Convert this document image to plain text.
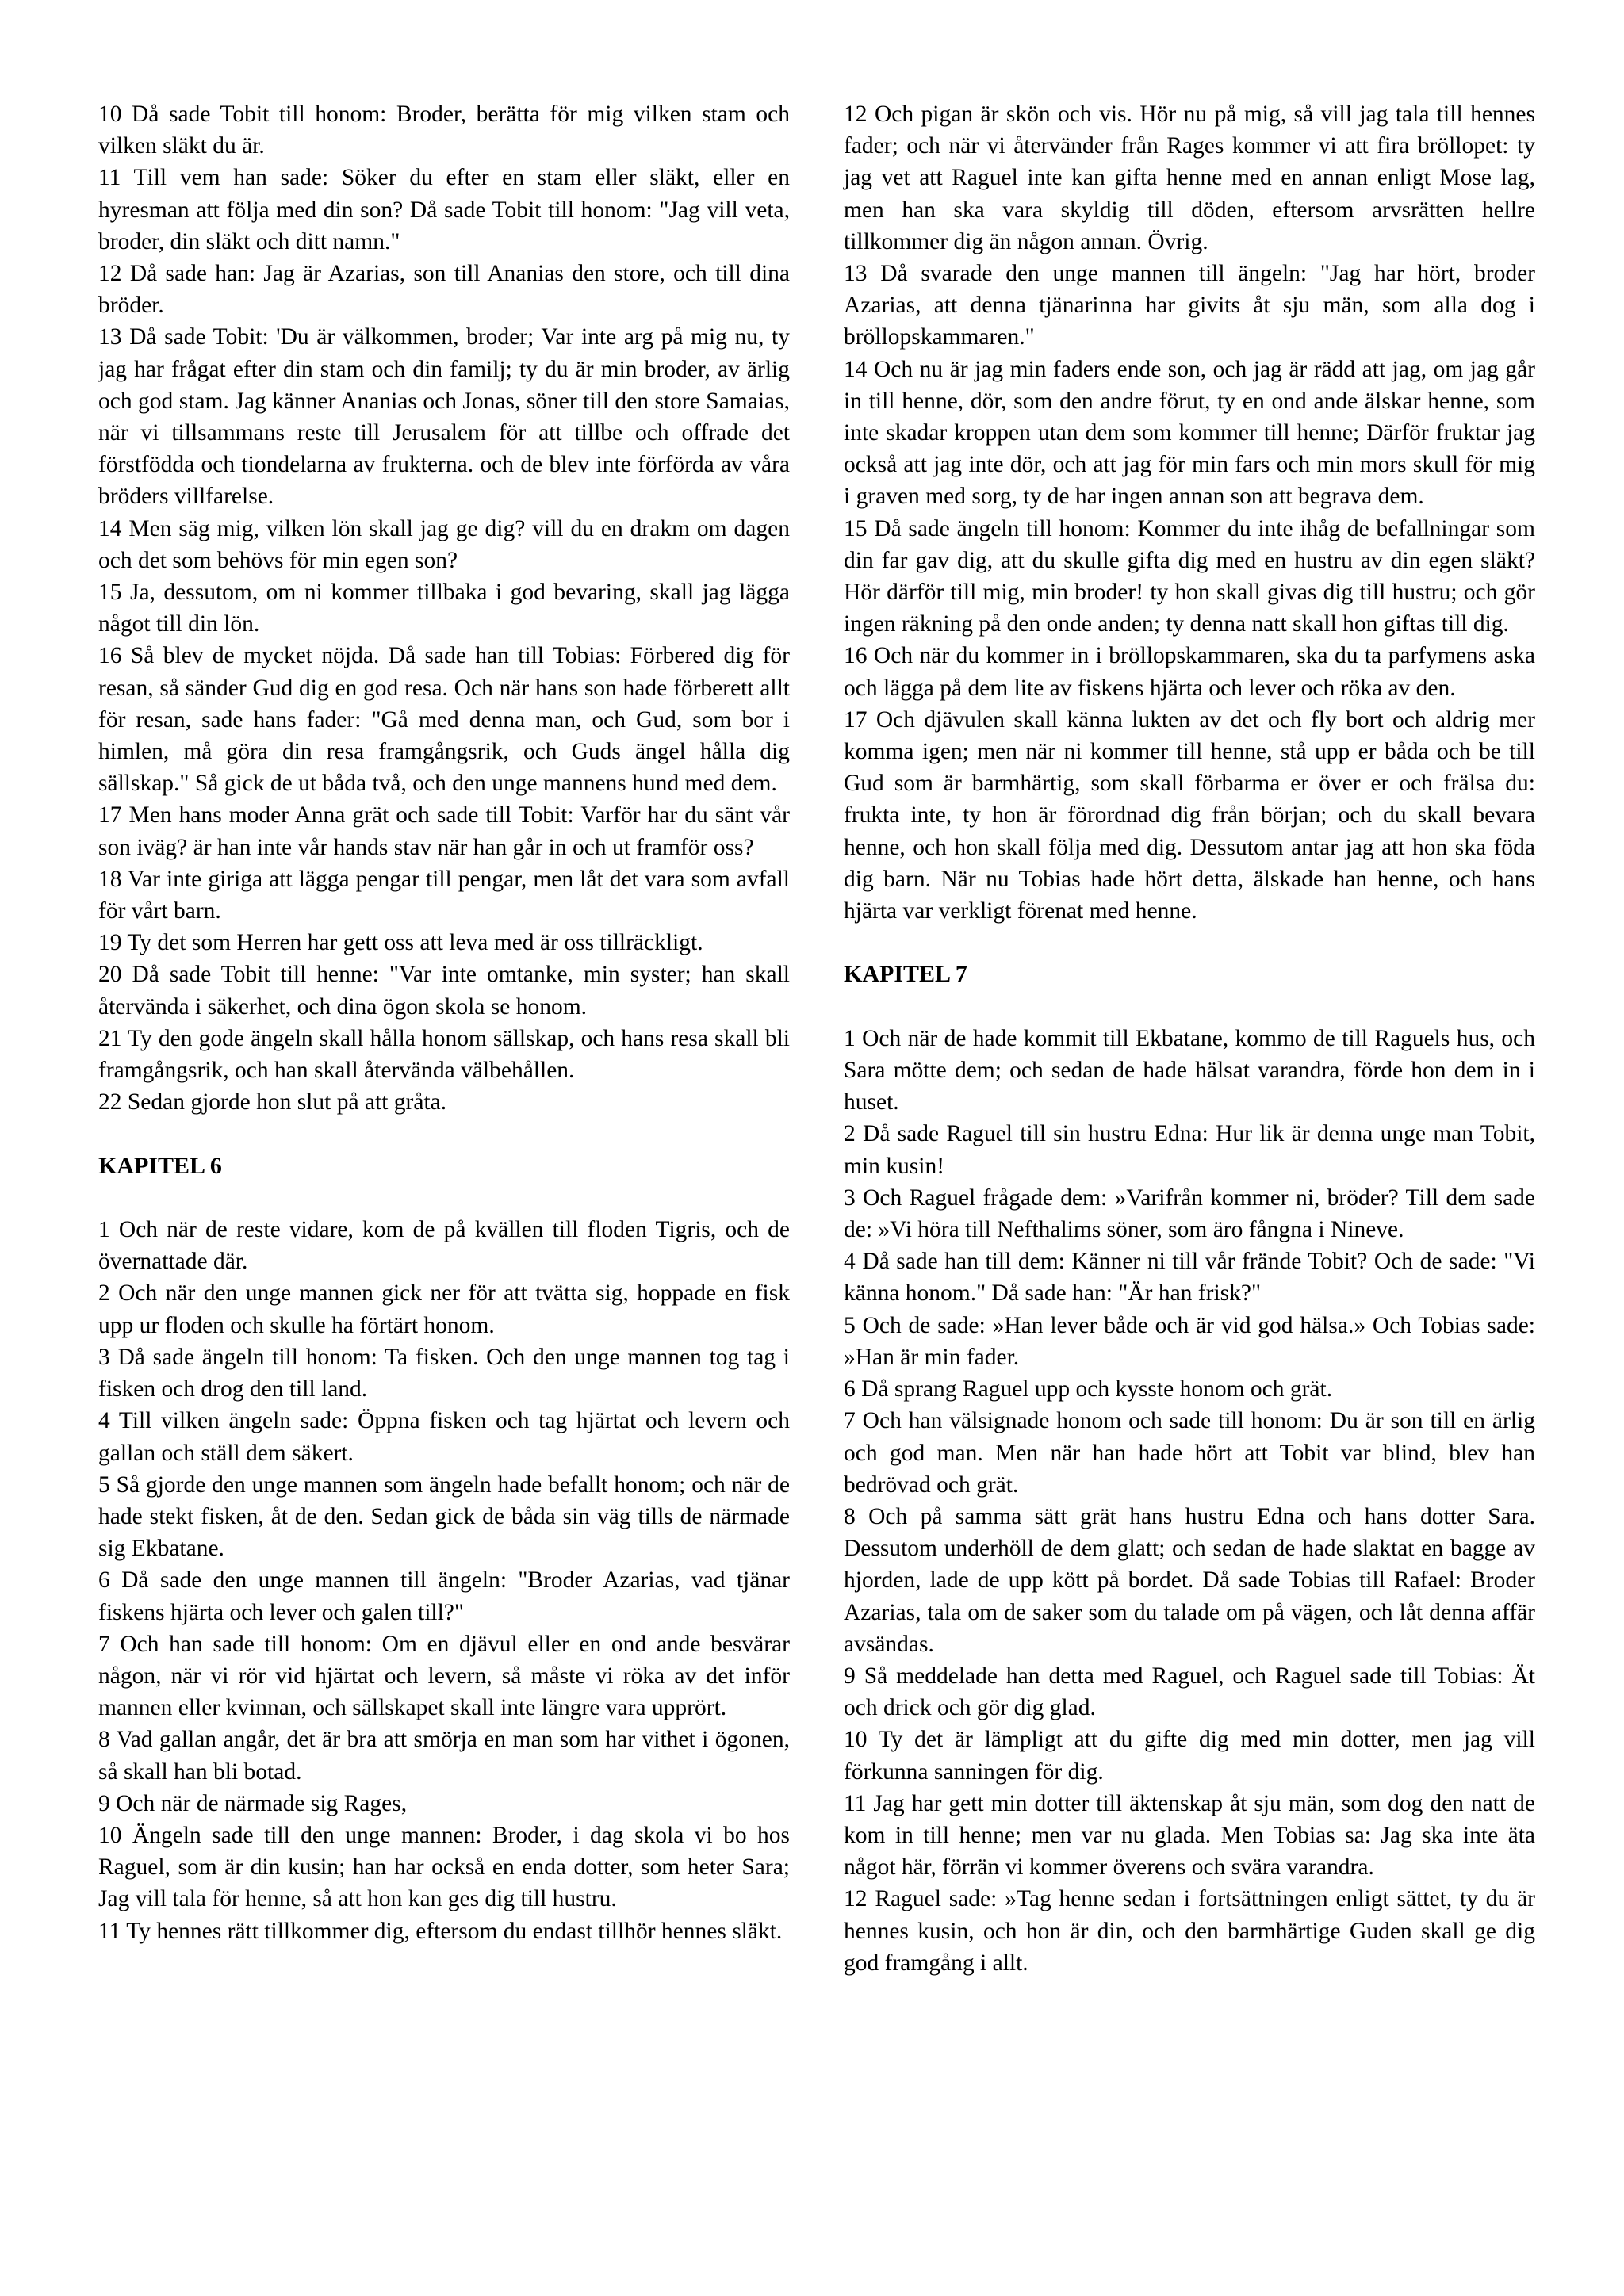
10 Då sade Tobit till honom: Broder, berätta för mig vilken stam och vilken släkt du är.

11 Till vem han sade: Söker du efter en stam eller släkt, eller en hyresman att följa med din son? Då sade Tobit till honom: "Jag vill veta, broder, din släkt och ditt namn."

12 Då sade han: Jag är Azarias, son till Ananias den store, och till dina bröder.

13 Då sade Tobit: 'Du är välkommen, broder; Var inte arg på mig nu, ty jag har frågat efter din stam och din familj; ty du är min broder, av ärlig och god stam. Jag känner Ananias och Jonas, söner till den store Samaias, när vi tillsammans reste till Jerusalem för att tillbe och offrade det förstfödda och tiondelarna av frukterna. och de blev inte förförda av våra bröders villfarelse.

14 Men säg mig, vilken lön skall jag ge dig? vill du en drakm om dagen och det som behövs för min egen son?

15 Ja, dessutom, om ni kommer tillbaka i god bevaring, skall jag lägga något till din lön.

16 Så blev de mycket nöjda. Då sade han till Tobias: Förbered dig för resan, så sänder Gud dig en god resa. Och när hans son hade förberett allt för resan, sade hans fader: "Gå med denna man, och Gud, som bor i himlen, må göra din resa framgångsrik, och Guds ängel hålla dig sällskap." Så gick de ut båda två, och den unge mannens hund med dem.

17 Men hans moder Anna grät och sade till Tobit: Varför har du sänt vår son iväg? är han inte vår hands stav när han går in och ut framför oss?

18 Var inte giriga att lägga pengar till pengar, men låt det vara som avfall för vårt barn.

19 Ty det som Herren har gett oss att leva med är oss tillräckligt.

20 Då sade Tobit till henne: "Var inte omtanke, min syster; han skall återvända i säkerhet, och dina ögon skola se honom.

21 Ty den gode ängeln skall hålla honom sällskap, och hans resa skall bli framgångsrik, och han skall återvända välbehållen.

22 Sedan gjorde hon slut på att gråta.

KAPITEL 6

1 Och när de reste vidare, kom de på kvällen till floden Tigris, och de övernattade där.

2 Och när den unge mannen gick ner för att tvätta sig, hoppade en fisk upp ur floden och skulle ha förtärt honom.

3 Då sade ängeln till honom: Ta fisken. Och den unge mannen tog tag i fisken och drog den till land.

4 Till vilken ängeln sade: Öppna fisken och tag hjärtat och levern och gallan och ställ dem säkert.

5 Så gjorde den unge mannen som ängeln hade befallt honom; och när de hade stekt fisken, åt de den. Sedan gick de båda sin väg tills de närmade sig Ekbatane.

6 Då sade den unge mannen till ängeln: "Broder Azarias, vad tjänar fiskens hjärta och lever och galen till?"

7 Och han sade till honom: Om en djävul eller en ond ande besvärar någon, när vi rör vid hjärtat och levern, så måste vi röka av det inför mannen eller kvinnan, och sällskapet skall inte längre vara upprört.

8 Vad gallan angår, det är bra att smörja en man som har vithet i ögonen, så skall han bli botad.

9 Och när de närmade sig Rages,

10 Ängeln sade till den unge mannen: Broder, i dag skola vi bo hos Raguel, som är din kusin; han har också en enda dotter, som heter Sara; Jag vill tala för henne, så att hon kan ges dig till hustru.

11 Ty hennes rätt tillkommer dig, eftersom du endast tillhör hennes släkt.

12 Och pigan är skön och vis. Hör nu på mig, så vill jag tala till hennes fader; och när vi återvänder från Rages kommer vi att fira bröllopet: ty jag vet att Raguel inte kan gifta henne med en annan enligt Mose lag, men han ska vara skyldig till döden, eftersom arvsrätten hellre tillkommer dig än någon annan. Övrig.

13 Då svarade den unge mannen till ängeln: "Jag har hört, broder Azarias, att denna tjänarinna har givits åt sju män, som alla dog i bröllopskammaren."

14 Och nu är jag min faders ende son, och jag är rädd att jag, om jag går in till henne, dör, som den andre förut, ty en ond ande älskar henne, som inte skadar kroppen utan dem som kommer till henne; Därför fruktar jag också att jag inte dör, och att jag för min fars och min mors skull för mig i graven med sorg, ty de har ingen annan son att begrava dem.

15 Då sade ängeln till honom: Kommer du inte ihåg de befallningar som din far gav dig, att du skulle gifta dig med en hustru av din egen släkt? Hör därför till mig, min broder! ty hon skall givas dig till hustru; och gör ingen räkning på den onde anden; ty denna natt skall hon giftas till dig.

16 Och när du kommer in i bröllopskammaren, ska du ta parfymens aska och lägga på dem lite av fiskens hjärta och lever och röka av den.

17 Och djävulen skall känna lukten av det och fly bort och aldrig mer komma igen; men när ni kommer till henne, stå upp er båda och be till Gud som är barmhärtig, som skall förbarma er över er och frälsa du: frukta inte, ty hon är förordnad dig från början; och du skall bevara henne, och hon skall följa med dig. Dessutom antar jag att hon ska föda dig barn. När nu Tobias hade hört detta, älskade han henne, och hans hjärta var verkligt förenat med henne.

KAPITEL 7

1 Och när de hade kommit till Ekbatane, kommo de till Raguels hus, och Sara mötte dem; och sedan de hade hälsat varandra, förde hon dem in i huset.

2 Då sade Raguel till sin hustru Edna: Hur lik är denna unge man Tobit, min kusin!

3 Och Raguel frågade dem: »Varifrån kommer ni, bröder? Till dem sade de: »Vi höra till Nefthalims söner, som äro fångna i Nineve.

4 Då sade han till dem: Känner ni till vår frände Tobit? Och de sade: "Vi känna honom." Då sade han: "Är han frisk?"

5 Och de sade: »Han lever både och är vid god hälsa.» Och Tobias sade: »Han är min fader.

6 Då sprang Raguel upp och kysste honom och grät.

7 Och han välsignade honom och sade till honom: Du är son till en ärlig och god man. Men när han hade hört att Tobit var blind, blev han bedrövad och grät.

8 Och på samma sätt grät hans hustru Edna och hans dotter Sara. Dessutom underhöll de dem glatt; och sedan de hade slaktat en bagge av hjorden, lade de upp kött på bordet. Då sade Tobias till Rafael: Broder Azarias, tala om de saker som du talade om på vägen, och låt denna affär avsändas.

9 Så meddelade han detta med Raguel, och Raguel sade till Tobias: Ät och drick och gör dig glad.

10 Ty det är lämpligt att du gifte dig med min dotter, men jag vill förkunna sanningen för dig.

11 Jag har gett min dotter till äktenskap åt sju män, som dog den natt de kom in till henne; men var nu glada. Men Tobias sa: Jag ska inte äta något här, förrän vi kommer överens och svära varandra.

12 Raguel sade: »Tag henne sedan i fortsättningen enligt sättet, ty du är hennes kusin, och hon är din, och den barmhärtige Guden skall ge dig god framgång i allt.
